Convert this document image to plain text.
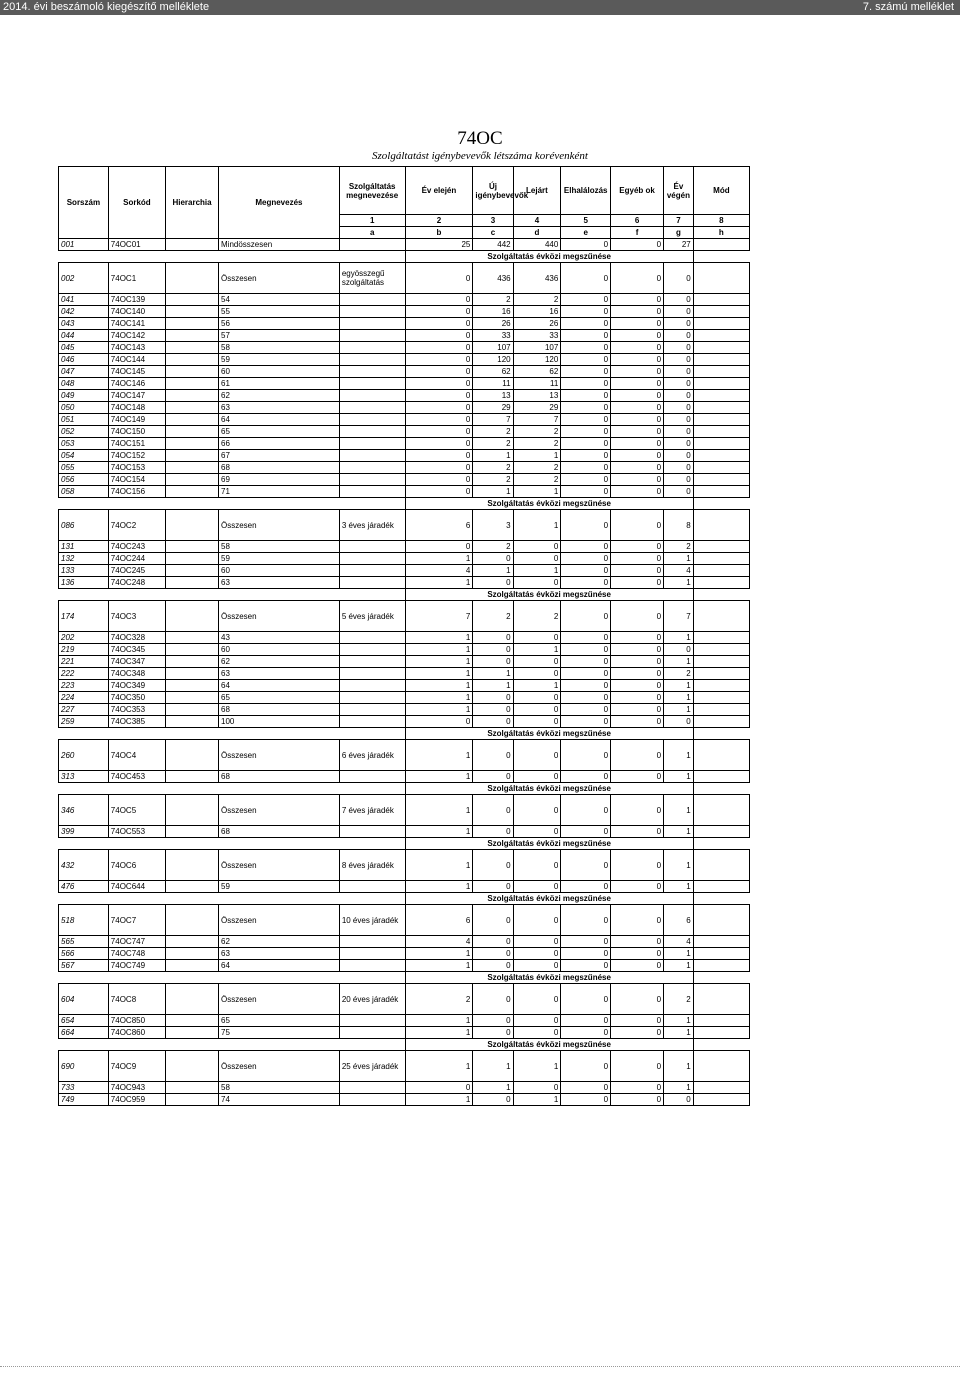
2014. évi beszámoló kiegészítő melléklete	7. számú melléklet
74OC
Szolgáltatást igénybevevők létszáma korévenként
Sorszám	Sorkód	Hierarchia	Megnevezés	Szolgáltatás megnevezése	Év elején	Új igénybevevők	Lejárt	Elhalálozás	Egyéb ok	Év végén	Mód
				1	2	3	4	5	6	7	8
				a	b	c	d	e	f	g	h
001	74OC01		Mindösszesen		25	442	440	0	0	27	
					Szolgáltatás évközi megszűnése						
002	74OC1		Összesen	egyösszegű szolgáltatás	0	436	436	0	0	0	
041	74OC139		54		0	2	2	0	0	0	
042	74OC140		55		0	16	16	0	0	0	
043	74OC141		56		0	26	26	0	0	0	
044	74OC142		57		0	33	33	0	0	0	
045	74OC143		58		0	107	107	0	0	0	
046	74OC144		59		0	120	120	0	0	0	
047	74OC145		60		0	62	62	0	0	0	
048	74OC146		61		0	11	11	0	0	0	
049	74OC147		62		0	13	13	0	0	0	
050	74OC148		63		0	29	29	0	0	0	
051	74OC149		64		0	7	7	0	0	0	
052	74OC150		65		0	2	2	0	0	0	
053	74OC151		66		0	2	2	0	0	0	
054	74OC152		67		0	1	1	0	0	0	
055	74OC153		68		0	2	2	0	0	0	
056	74OC154		69		0	2	2	0	0	0	
058	74OC156		71		0	1	1	0	0	0	
					Szolgáltatás évközi megszűnése						
086	74OC2		Összesen	3 éves járadék	6	3	1	0	0	8	
131	74OC243		58		0	2	0	0	0	2	
132	74OC244		59		1	0	0	0	0	1	
133	74OC245		60		4	1	1	0	0	4	
136	74OC248		63		1	0	0	0	0	1	
					Szolgáltatás évközi megszűnése						
174	74OC3		Összesen	5 éves járadék	7	2	2	0	0	7	
202	74OC328		43		1	0	0	0	0	1	
219	74OC345		60		1	0	1	0	0	0	
221	74OC347		62		1	0	0	0	0	1	
222	74OC348		63		1	1	0	0	0	2	
223	74OC349		64		1	1	1	0	0	1	
224	74OC350		65		1	0	0	0	0	1	
227	74OC353		68		1	0	0	0	0	1	
259	74OC385		100		0	0	0	0	0	0	
					Szolgáltatás évközi megszűnése						
260	74OC4		Összesen	6 éves járadék	1	0	0	0	0	1	
313	74OC453		68		1	0	0	0	0	1	
					Szolgáltatás évközi megszűnése						
346	74OC5		Összesen	7 éves járadék	1	0	0	0	0	1	
399	74OC553		68		1	0	0	0	0	1	
					Szolgáltatás évközi megszűnése						
432	74OC6		Összesen	8 éves járadék	1	0	0	0	0	1	
476	74OC644		59		1	0	0	0	0	1	
					Szolgáltatás évközi megszűnése						
518	74OC7		Összesen	10 éves járadék	6	0	0	0	0	6	
565	74OC747		62		4	0	0	0	0	4	
566	74OC748		63		1	0	0	0	0	1	
567	74OC749		64		1	0	0	0	0	1	
					Szolgáltatás évközi megszűnése						
604	74OC8		Összesen	20 éves járadék	2	0	0	0	0	2	
654	74OC850		65		1	0	0	0	0	1	
664	74OC860		75		1	0	0	0	0	1	
					Szolgáltatás évközi megszűnése						
690	74OC9		Összesen	25 éves járadék	1	1	1	0	0	1	
733	74OC943		58		0	1	0	0	0	1	
749	74OC959		74		1	0	1	0	0	0	
